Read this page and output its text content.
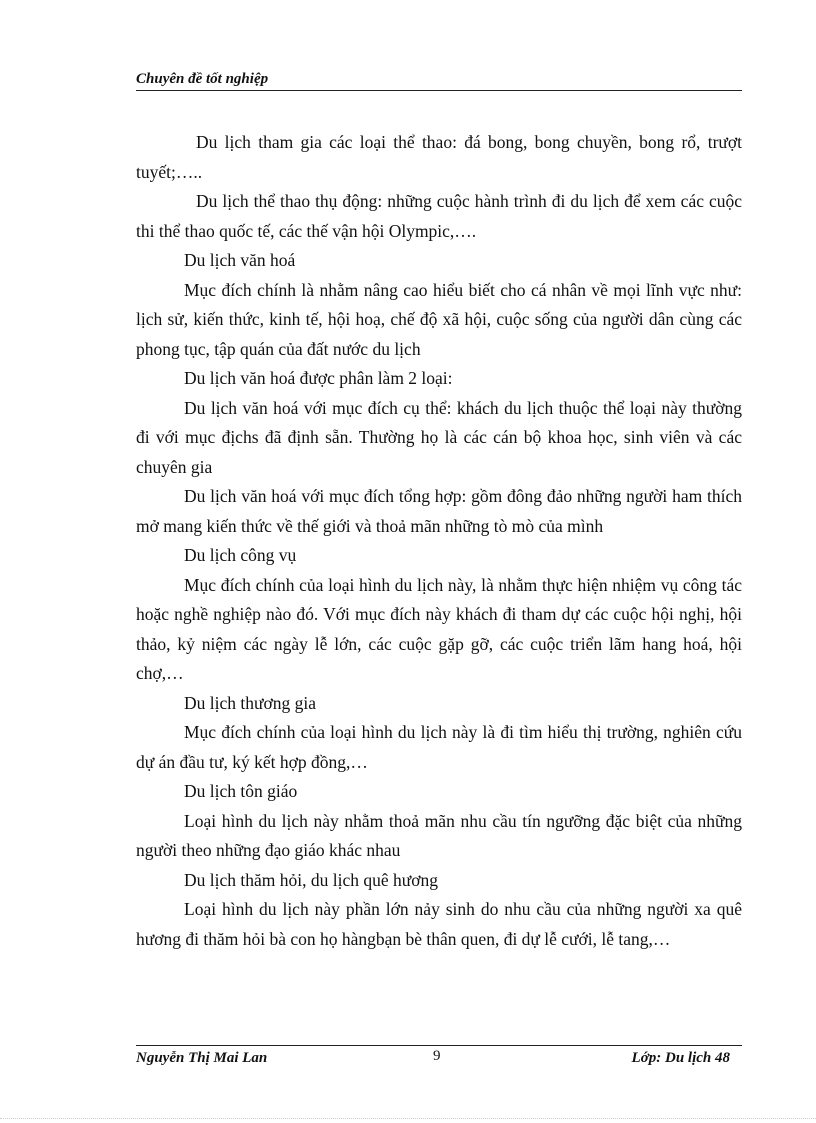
Chuyên đề tốt nghiệp

Du lịch tham gia các loại thể thao: đá bong, bong chuyền, bong rổ, trượt tuyết;…..

Du lịch thể thao thụ động: những cuộc hành trình đi du lịch để xem các cuộc thi thể thao quốc tế, các thế vận hội Olympic,….

Du lịch văn hoá

Mục đích chính là nhằm nâng cao hiểu biết cho cá nhân về mọi lĩnh vực như: lịch sử, kiến thức, kinh tế, hội hoạ, chế độ xã hội, cuộc sống của người dân cùng các phong tục, tập quán của đất nước du lịch

Du lịch văn hoá được phân làm 2 loại:

Du lịch văn hoá với mục đích cụ thể: khách du lịch thuộc thể loại này thường đi với mục địchs đã định sẵn. Thường họ là các cán bộ khoa học, sinh viên và các chuyên gia

Du lịch văn hoá với mục đích tổng hợp: gồm đông đảo những người ham thích mở mang kiến thức về thế giới và thoả mãn những tò mò của mình

Du lịch công vụ

Mục đích chính của loại hình du lịch này, là nhằm thực hiện nhiệm vụ công tác hoặc nghề nghiệp nào đó. Với mục đích này khách đi tham dự các cuộc hội nghị, hội thảo, kỷ niệm các ngày lễ lớn, các cuộc gặp gỡ, các cuộc triển lãm hang hoá, hội chợ,…

Du lịch thương gia

Mục đích chính của loại hình du lịch này là đi tìm hiểu thị trường, nghiên cứu dự án đầu tư, ký kết hợp đồng,…

Du lịch tôn giáo

Loại hình du lịch này nhằm thoả mãn nhu cầu tín ngưỡng đặc biệt của những người theo những đạo giáo khác nhau

Du lịch thăm hỏi, du lịch quê hương

Loại hình du lịch này phần lớn nảy sinh do nhu cầu của những người xa quê hương đi thăm hỏi bà con họ hàngbạn bè thân quen, đi dự lễ cưới, lễ tang,…

Nguyễn Thị Mai Lan	9	Lớp: Du lịch 48
